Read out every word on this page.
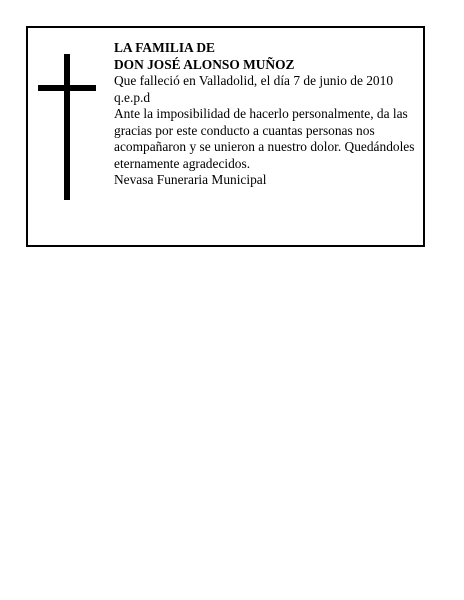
LA FAMILIA DE
DON JOSÉ ALONSO MUÑOZ
Que falleció en Valladolid, el día 7 de junio de 2010
q.e.p.d
Ante la imposibilidad de hacerlo personalmente, da las gracias por este conducto a cuantas personas nos acompañaron y se unieron a nuestro dolor. Quedándoles eternamente agradecidos.
Nevasa Funeraria Municipal
